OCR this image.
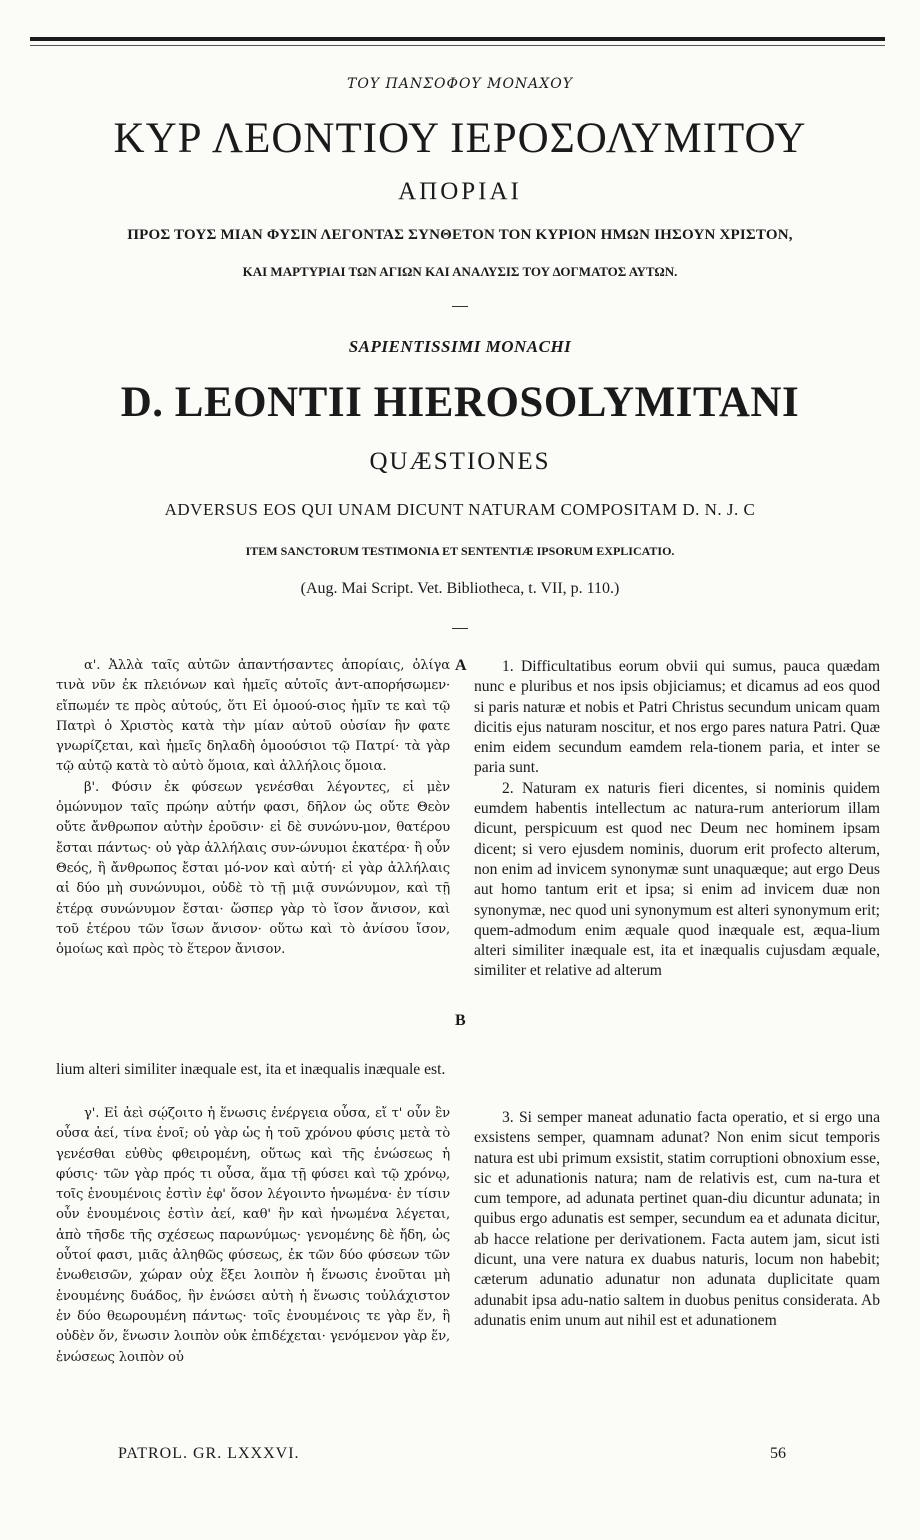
ΤΟΥ ΠΑΝΣΟΦΟΥ ΜΟΝΑΧΟΥ
ΚΥΡ ΛΕΟΝΤΙΟΥ ΙΕΡΟΣΟΛΥΜΙΤΟΥ
ΑΠΟΡΙΑΙ
ΠΡΟΣ ΤΟΥΣ ΜΙΑΝ ΦΥΣΙΝ ΛΕΓΟΝΤΑΣ ΣΥΝΘΕΤΟΝ ΤΟΝ ΚΥΡΙΟΝ ΗΜΩΝ ΙΗΣΟΥΝ ΧΡΙΣΤΟΝ,
ΚΑΙ ΜΑΡΤΥΡΙΑΙ ΤΩΝ ΑΓΙΩΝ ΚΑΙ ΑΝΑΛΥΣΙΣ ΤΟΥ ΔΟΓΜΑΤΟΣ ΑΥΤΩΝ.
SAPIENTISSIMI MONACHI
D. LEONTII HIEROSOLYMITANI
QUÆSTIONES
ADVERSUS EOS QUI UNAM DICUNT NATURAM COMPOSITAM D. N. J. C
ITEM SANCTORUM TESTIMONIA ET SENTENTIÆ IPSORUM EXPLICATIO.
(Aug. Mai Script. Vet. Bibliotheca, t. VII, p. 110.)

α'. Ἀλλὰ ταῖς αὐτῶν ἀπαντήσαντες ἀπορίαις, ὀλίγα τινὰ νῦν ἐκ πλειόνων καὶ ἡμεῖς αὐτοῖς ἀντ-απορήσωμεν· εἴπωμέν τε πρὸς αὐτούς, ὅτι Εἰ ὁμοού-σιος ἡμῖν τε καὶ τῷ Πατρὶ ὁ Χριστὸς κατὰ τὴν μίαν αὐτοῦ οὐσίαν ἣν φατε γνωρίζεται, καὶ ἡμεῖς δηλαδὴ ὁμοούσιοι τῷ Πατρί· τὰ γὰρ τῷ αὐτῷ κατὰ τὸ αὐτὸ ὅμοια, καὶ ἀλλήλοις ὅμοια.

β'. Φύσιν ἐκ φύσεων γενέσθαι λέγοντες, εἰ μὲν ὁμώνυμον ταῖς πρώην αὐτήν φασι, δῆλον ὡς οὔτε Θεὸν οὔτε ἄνθρωπον αὐτὴν ἐροῦσιν· εἰ δὲ συνώνυ-μον, θατέρου ἔσται πάντως· οὐ γὰρ ἀλλήλαις συν-ώνυμοι ἑκατέρα· ἢ οὖν Θεός, ἢ ἄνθρωπος ἔσται μό-νον καὶ αὐτή· εἰ γὰρ ἀλλήλαις αἱ δύο μὴ συνώνυμοι, οὐδὲ τὸ τῇ μιᾷ συνώνυμον, καὶ τῇ ἑτέρᾳ συνώνυμον ἔσται· ὥσπερ γὰρ τὸ ἴσον ἄνισον, καὶ τοῦ ἑτέρου τῶν ἴσων ἄνισον· οὕτω καὶ τὸ ἀνίσου ἴσον, ὁμοίως καὶ πρὸς τὸ ἕτερον ἄνισον.

lium alteri similiter inæquale est, ita et inæqualis inæquale est.

γ'. Εἰ ἀεὶ σῴζοιτο ἡ ἕνωσις ἐνέργεια οὖσα, εἴ τ' οὖν ἓν οὖσα ἀεί, τίνα ἑνοῖ; οὐ γὰρ ὡς ἡ τοῦ χρόνου φύσις μετὰ τὸ γενέσθαι εὐθὺς φθειρομένη, οὕτως καὶ τῆς ἑνώσεως ἡ φύσις· τῶν γὰρ πρός τι οὖσα, ἅμα τῇ φύσει καὶ τῷ χρόνῳ, τοῖς ἑνουμένοις ἐστὶν ἐφ' ὅσον λέγοιντο ἡνωμένα· ἐν τίσιν οὖν ἑνουμένοις ἐστὶν ἀεί, καθ' ἣν καὶ ἡνωμένα λέγεται, ἀπὸ τῆσδε τῆς σχέσεως παρωνύμως· γενομένης δὲ ἤδη, ὡς οὗτοί φασι, μιᾶς ἀληθῶς φύσεως, ἐκ τῶν δύο φύσεων τῶν ἑνωθεισῶν, χώραν οὐχ ἕξει λοιπὸν ἡ ἕνωσις ἑνοῦται μὴ ἑνουμένης δυάδος, ἣν ἑνώσει αὐτὴ ἡ ἕνωσις τοὐλάχιστον ἐν δύο θεωρουμένη πάντως· τοῖς ἑνουμένοις τε γὰρ ἕν, ἢ οὐδὲν ὄν, ἕνωσιν λοιπὸν οὐκ ἐπιδέχεται· γενόμενον γὰρ ἕν, ἑνώσεως λοιπὸν οὐ

A
B

1. Difficultatibus eorum obvii qui sumus, pauca quædam nunc e pluribus et nos ipsis objiciamus; et dicamus ad eos quod si paris naturæ et nobis et Patri Christus secundum unicam quam dicitis ejus naturam noscitur, et nos ergo pares natura Patri. Quæ enim eidem secundum eamdem rela-tionem paria, et inter se paria sunt.

2. Naturam ex naturis fieri dicentes, si nominis quidem eumdem habentis intellectum ac natura-rum anteriorum illam dicunt, perspicuum est quod nec Deum nec hominem ipsam dicent; si vero ejusdem nominis, duorum erit profecto alterum, non enim ad invicem synonymæ sunt unaquæque; aut ergo Deus aut homo tantum erit et ipsa; si enim ad invicem duæ non synonymæ, nec quod uni synonymum est alteri synonymum erit; quem-admodum enim æquale quod inæquale est, æqua-lium alteri similiter inæquale est, ita et inæqualis cujusdam æquale, similiter et relative ad alterum

3. Si semper maneat adunatio facta operatio, et si ergo una exsistens semper, quamnam adunat? Non enim sicut temporis natura est ubi primum exsistit, statim corruptioni obnoxium esse, sic et adunationis natura; nam de relativis est, cum na-tura et cum tempore, ad adunata pertinet quan-diu dicuntur adunata; in quibus ergo adunatis est semper, secundum ea et adunata dicitur, ab hacce relatione per derivationem. Facta autem jam, sicut isti dicunt, una vere natura ex duabus naturis, locum non habebit; cæterum adunatio adunatur non adunata duplicitate quam adunabit ipsa adu-natio saltem in duobus penitus considerata. Ab adunatis enim unum aut nihil est et adunationem

PATROL. GR. LXXXVI.	56
